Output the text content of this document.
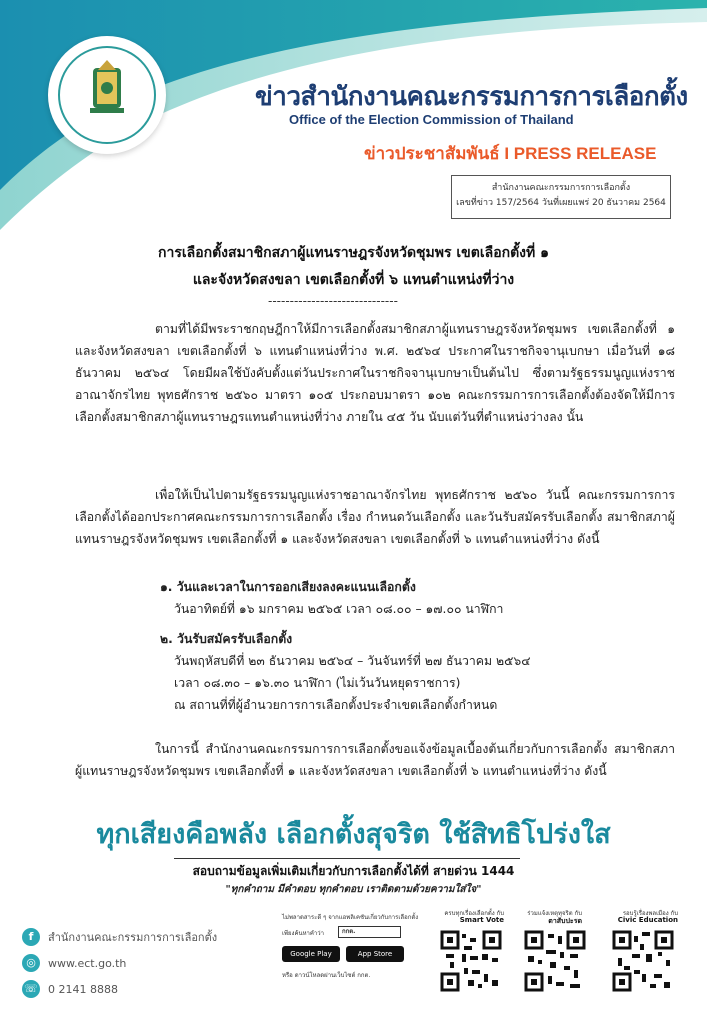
ข่าวสำนักงานคณะกรรมการการเลือกตั้ง
Office of the Election Commission of Thailand
ข่าวประชาสัมพันธ์ I PRESS RELEASE
สำนักงานคณะกรรมการการเลือกตั้ง
เลขที่ข่าว 157/2564 วันที่เผยแพร่ 20 ธันวาคม 2564
การเลือกตั้งสมาชิกสภาผู้แทนราษฎรจังหวัดชุมพร เขตเลือกตั้งที่ ๑
และจังหวัดสงขลา เขตเลือกตั้งที่ ๖ แทนตำแหน่งที่ว่าง
------------------------------

ตามที่ได้มีพระราชกฤษฎีกาให้มีการเลือกตั้งสมาชิกสภาผู้แทนราษฎรจังหวัดชุมพร เขตเลือกตั้งที่ ๑ และจังหวัดสงขลา เขตเลือกตั้งที่ ๖ แทนตำแหน่งที่ว่าง พ.ศ. ๒๕๖๔ ประกาศในราชกิจจานุเบกษา เมื่อวันที่ ๑๘ ธันวาคม ๒๕๖๔ โดยมีผลใช้บังคับตั้งแต่วันประกาศในราชกิจจานุเบกษาเป็นต้นไป ซึ่งตามรัฐธรรมนูญแห่งราชอาณาจักรไทย พุทธศักราช ๒๕๖๐ มาตรา ๑๐๕ ประกอบมาตรา ๑๐๒ คณะกรรมการการเลือกตั้งต้องจัดให้มีการเลือกตั้งสมาชิกสภาผู้แทนราษฎรแทนตำแหน่งที่ว่าง ภายใน ๔๕ วัน นับแต่วันที่ตำแหน่งว่างลง นั้น

เพื่อให้เป็นไปตามรัฐธรรมนูญแห่งราชอาณาจักรไทย พุทธศักราช ๒๕๖๐ วันนี้ คณะกรรมการการเลือกตั้งได้ออกประกาศคณะกรรมการการเลือกตั้ง เรื่อง กำหนดวันเลือกตั้ง และวันรับสมัครรับเลือกตั้ง สมาชิกสภาผู้แทนราษฎรจังหวัดชุมพร เขตเลือกตั้งที่ ๑ และจังหวัดสงขลา เขตเลือกตั้งที่ ๖ แทนตำแหน่งที่ว่าง ดังนี้

๑. วันและเวลาในการออกเสียงลงคะแนนเลือกตั้ง
วันอาทิตย์ที่ ๑๖ มกราคม ๒๕๖๕ เวลา ๐๘.๐๐ – ๑๗.๐๐ นาฬิกา
๒. วันรับสมัครรับเลือกตั้ง
วันพฤหัสบดีที่ ๒๓ ธันวาคม ๒๕๖๔ – วันจันทร์ที่ ๒๗ ธันวาคม ๒๕๖๔
เวลา ๐๘.๓๐ – ๑๖.๓๐ นาฬิกา (ไม่เว้นวันหยุดราชการ)
ณ สถานที่ที่ผู้อำนวยการการเลือกตั้งประจำเขตเลือกตั้งกำหนด

ในการนี้ สำนักงานคณะกรรมการการเลือกตั้งขอแจ้งข้อมูลเบื้องต้นเกี่ยวกับการเลือกตั้ง สมาชิกสภาผู้แทนราษฎรจังหวัดชุมพร เขตเลือกตั้งที่ ๑ และจังหวัดสงขลา เขตเลือกตั้งที่ ๖ แทนตำแหน่งที่ว่าง ดังนี้

ทุกเสียงคือพลัง เลือกตั้งสุจริต ใช้สิทธิโปร่งใส
สอบถามข้อมูลเพิ่มเติมเกี่ยวกับการเลือกตั้งได้ที่ สายด่วน 1444
"ทุกคำถาม มีคำตอบ ทุกคำตอบ เราติดตามด้วยความใส่ใจ"
f	สำนักงานคณะกรรมการการเลือกตั้ง
◎	www.ect.go.th
☏ 0 2141 8888
ไม่พลาดสาระดี ๆ จากแอพลิเคชันเกี่ยวกับการเลือกตั้ง
เพียงค้นหาคำว่า	กกต.
Google Play	App Store
หรือ ดาวน์โหลดผ่านเว็บไซต์ กกต.
ครบทุกเรื่องเลือกตั้ง กับ
Smart Vote
ร่วมแจ้งเหตุทุจริต กับ
ตาสับปะรด
รอบรู้เรื่องพลเมือง กับ
Civic Education
